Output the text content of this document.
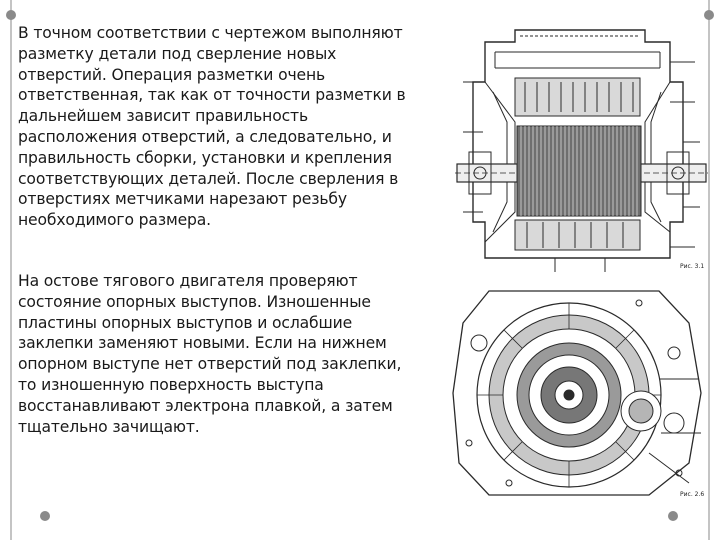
В точном соответствии с чертежом выполняют
разметку детали под сверление новых
отверстий. Операция разметки очень
ответственная, так как от точности разметки в
дальнейшем зависит правильность
расположения отверстий, а следовательно, и
правильность сборки, установки и крепления
соответствующих деталей. После сверления в
отверстиях метчиками нарезают резьбу
необходимого размера.

На остове тягового двигателя проверяют
состояние опорных выступов. Изношенные
пластины опорных выступов и ослабшие
заклепки заменяют новыми. Если на нижнем
опорном выступе нет отверстий под заклепки,
то изношенную поверхность выступа
восстанавливают электрона плавкой, а затем
тщательно зачищают.

Рис. 3.1
Рис. 2.6
